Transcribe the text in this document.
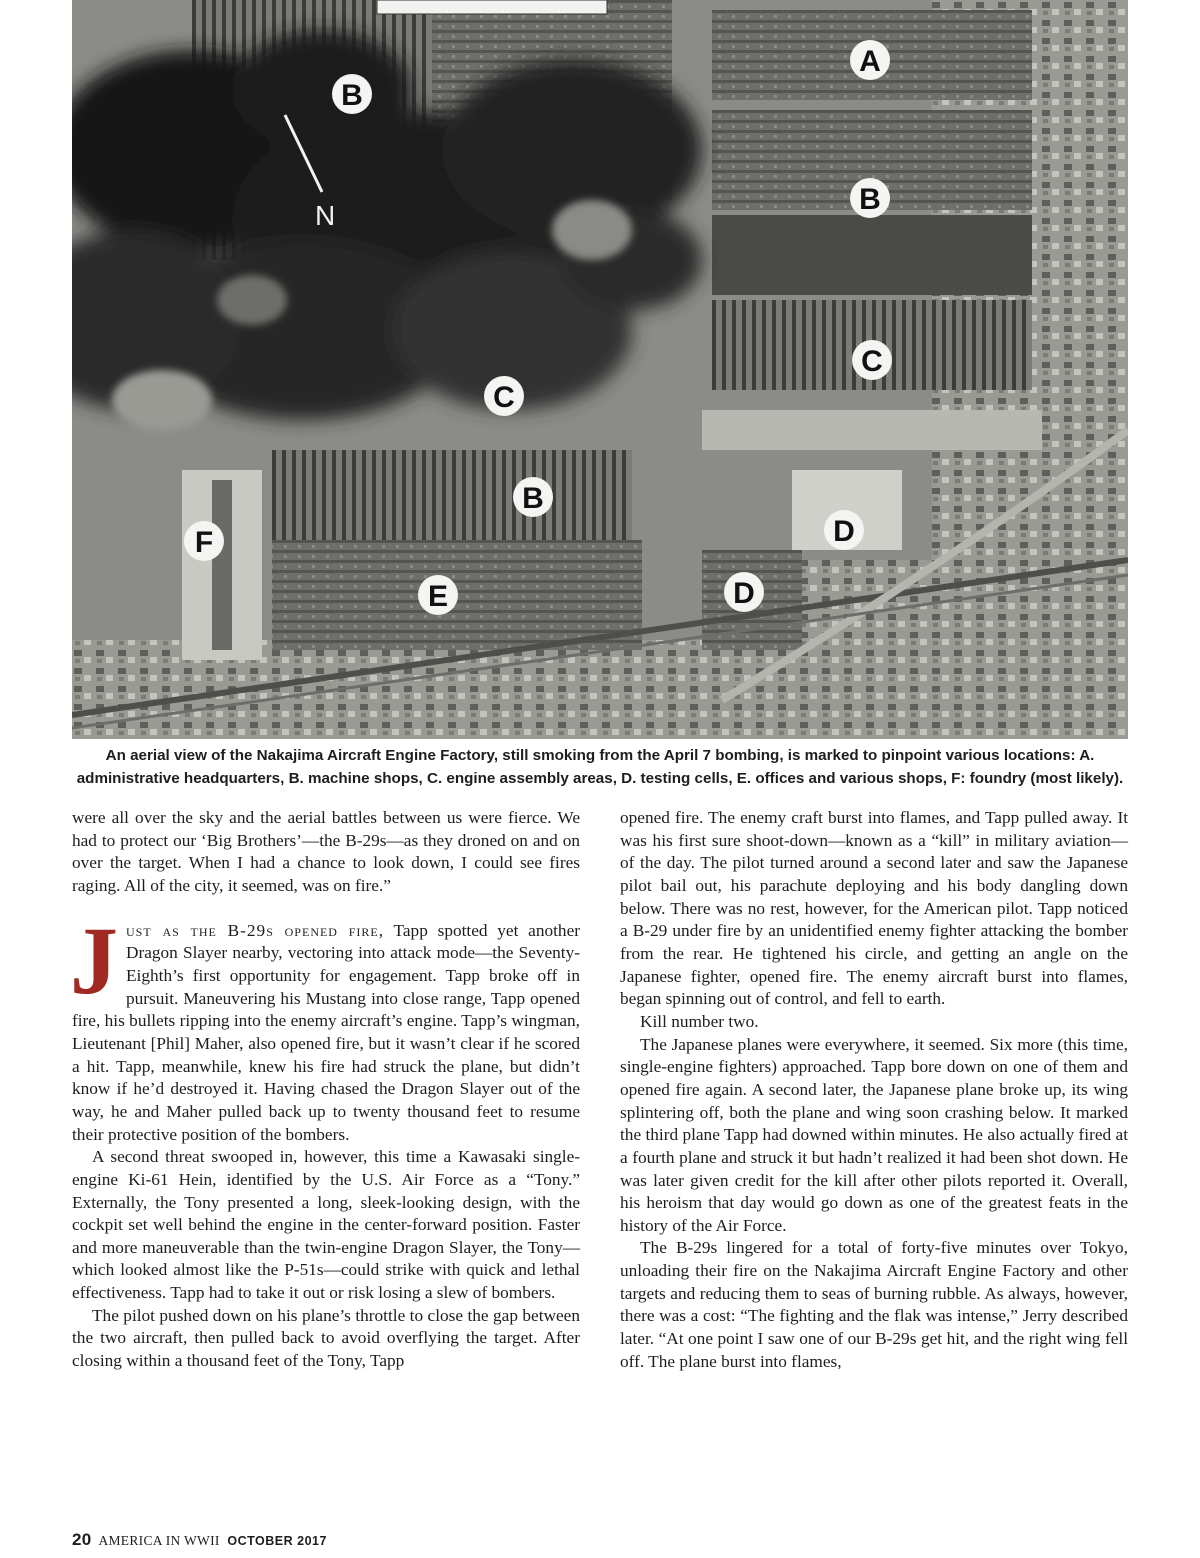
N
B
A
B
C
C
B
D
D
E
F
An aerial view of the Nakajima Aircraft Engine Factory, still smoking from the April 7 bombing, is marked to pinpoint various locations: A. administrative headquarters, B. machine shops, C. engine assembly areas, D. testing cells, E. offices and various shops, F: foundry (most likely).

were all over the sky and the aerial battles between us were fierce. We had to protect our ‘Big Brothers’—the B-29s—as they droned on and on over the target. When I had a chance to look down, I could see fires raging. All of the city, it seemed, was on fire.”

Just as the B-29s opened fire, Tapp spotted yet another Dragon Slayer nearby, vectoring into attack mode—the Seventy-Eighth’s first opportunity for engagement. Tapp broke off in pursuit. Maneuvering his Mustang into close range, Tapp opened fire, his bullets ripping into the enemy aircraft’s engine. Tapp’s wingman, Lieutenant [Phil] Maher, also opened fire, but it wasn’t clear if he scored a hit. Tapp, meanwhile, knew his fire had struck the plane, but didn’t know if he’d destroyed it. Having chased the Dragon Slayer out of the way, he and Maher pulled back up to twenty thousand feet to resume their protective position of the bombers.

A second threat swooped in, however, this time a Kawasaki single-engine Ki-61 Hein, identified by the U.S. Air Force as a “Tony.” Externally, the Tony presented a long, sleek-looking design, with the cockpit set well behind the engine in the center-forward position. Faster and more maneuverable than the twin-engine Dragon Slayer, the Tony—which looked almost like the P-51s—could strike with quick and lethal effectiveness. Tapp had to take it out or risk losing a slew of bombers.

The pilot pushed down on his plane’s throttle to close the gap between the two aircraft, then pulled back to avoid overflying the target. After closing within a thousand feet of the Tony, Tapp

opened fire. The enemy craft burst into flames, and Tapp pulled away. It was his first sure shoot-down—known as a “kill” in military aviation—of the day. The pilot turned around a second later and saw the Japanese pilot bail out, his parachute deploying and his body dangling down below. There was no rest, however, for the American pilot. Tapp noticed a B-29 under fire by an unidentified enemy fighter attacking the bomber from the rear. He tightened his circle, and getting an angle on the Japanese fighter, opened fire. The enemy aircraft burst into flames, began spinning out of control, and fell to earth.

Kill number two.

The Japanese planes were everywhere, it seemed. Six more (this time, single-engine fighters) approached. Tapp bore down on one of them and opened fire again. A second later, the Japanese plane broke up, its wing splintering off, both the plane and wing soon crashing below. It marked the third plane Tapp had downed within minutes. He also actually fired at a fourth plane and struck it but hadn’t realized it had been shot down. He was later given credit for the kill after other pilots reported it. Overall, his heroism that day would go down as one of the greatest feats in the history of the Air Force.

The B-29s lingered for a total of forty-five minutes over Tokyo, unloading their fire on the Nakajima Aircraft Engine Factory and other targets and reducing them to seas of burning rubble. As always, however, there was a cost: “The fighting and the flak was intense,” Jerry described later. “At one point I saw one of our B-29s get hit, and the right wing fell off. The plane burst into flames,

20 AMERICA IN WWII OCTOBER 2017
